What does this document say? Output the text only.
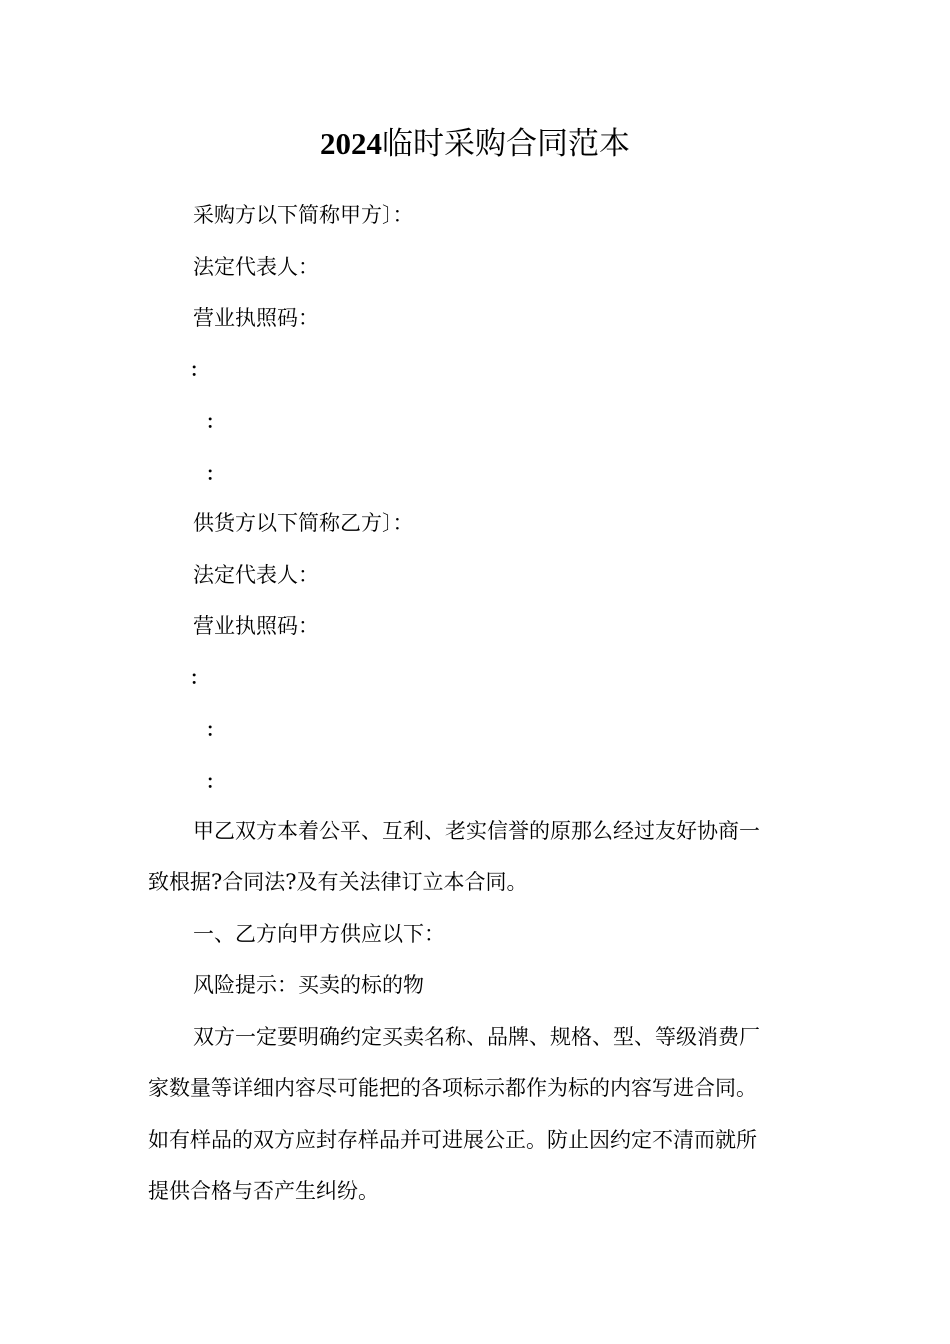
2024临时采购合同范本
采购方以下简称甲方〕：
法定代表人：
营业执照码：
：
：
：
供货方以下简称乙方〕：
法定代表人：
营业执照码：
：
：
：
甲乙双方本着公平、互利、老实信誉的原那么经过友好协商一
致根据?合同法?及有关法律订立本合同。
一、乙方向甲方供应以下：
风险提示：买卖的标的物
双方一定要明确约定买卖名称、品牌、规格、型、等级消费厂
家数量等详细内容尽可能把的各项标示都作为标的内容写进合同。
如有样品的双方应封存样品并可进展公正。防止因约定不清而就所
提供合格与否产生纠纷。
